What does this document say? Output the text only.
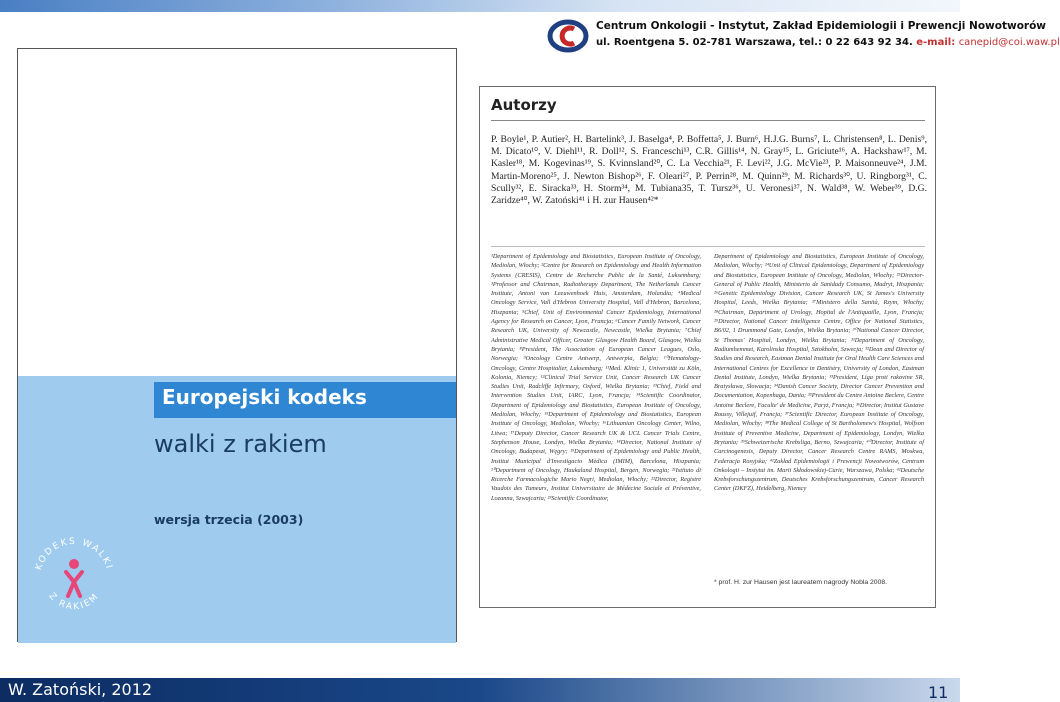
Centrum Onkologii - Instytut, Zakład Epidemiologii i Prewencji Nowotworów
ul. Roentgena 5. 02-781 Warszawa, tel.: 0 22 643 92 34. e-mail: canepid@coi.waw.pl
Europejski kodeks
walki z rakiem
wersja trzecia (2003)
KODEKS WALKI
Z RAKIEM
Autorzy
P. Boyle¹, P. Autier², H. Bartelink³, J. Baselga⁴, P. Boffetta⁵, J. Burn⁶, H.J.G. Burns⁷, L. Christensen⁸, L. Denis⁹, M. Dicato¹⁰, V. Diehl¹¹, R. Doll¹², S. Franceschi¹³, C.R. Gillis¹⁴, N. Gray¹⁵, L. Griciute¹⁶, A. Hackshaw¹⁷, M. Kasler¹⁸, M. Kogevinas¹⁹, S. Kvinnsland²⁰, C. La Vecchia²¹, F. Levi²², J.G. McVie²³, P. Maisonneuve²⁴, J.M. Martin-Moreno²⁵, J. Newton Bishop²⁶, F. Oleari²⁷, P. Perrin²⁸, M. Quinn²⁹, M. Richards³⁰, U. Ringborg³¹, C. Scully³², E. Siracka³³, H. Storm³⁴, M. Tubiana35, T. Tursz³⁶, U. Veronesi³⁷, N. Wald³⁸, W. Weber³⁹, D.G. Zaridze⁴⁰, W. Zatoński⁴¹ i H. zur Hausen⁴²*
¹Department of Epidemiology and Biostatistics, European Institute of Oncology, Mediolan, Włochy; ²Centre for Research on Epidemiology and Health Information Systems (CRESIS), Centre de Recherche Public de la Santé, Luksemburg; ³Professor and Chairman, Radiotherapy Department, The Netherlands Cancer Institute, Antoni van Leeuwenhoek Huis, Amsterdam, Holandia; ⁴Medical Oncology Service, Vall d'Hebron University Hospital, Vall d'Hebron, Barcelona, Hiszpania; ⁵Chief, Unit of Environmental Cancer Epidemiology, International Agency for Research on Cancer, Lyon, Francja; ⁶Cancer Family Network, Cancer Research UK, University of Newcastle, Newcastle, Wielka Brytania; ⁷Chief Administrative Medical Officer, Greater Glasgow Health Board, Glasgow, Wielka Brytania; ⁸President, The Association of European Cancer Leagues, Oslo, Norwegia; ⁹Oncology Centre Antwerp, Antwerpia, Belgia; ¹⁰Hematology-Oncology, Centre Hospitalier, Luksemburg; ¹¹Med. Klinic 1, Universität zu Köln, Kolonia, Niemcy; ¹²Clinical Trial Service Unit, Cancer Research UK Cancer Studies Unit, Radcliffe Infirmary, Oxford, Wielka Brytania; ¹³Chief, Field and Intervention Studies Unit, IARC, Lyon, Francja; ¹⁴Scientific Coordinator, Department of Epidemiology and Biostatistics, European Institute of Oncology, Mediolan, Włochy; ¹⁵Department of Epidemiology and Biostatistics, European Institute of Oncology, Mediolan, Włochy; ¹⁶Lithuanian Oncology Center, Wilno, Litwa; ¹⁷Deputy Director, Cancer Research UK & UCL Cancer Trials Centre, Stephenson House, Londyn, Wielka Brytania; ¹⁸Director, National Institute of Oncology, Budapeszt, Węgry; ¹⁹Department of Epidemiology and Public Health, Institut Municipal d'Investigacio Mèdica (IMIM), Barcelona, Hiszpania; ²⁰Department of Oncology, Haukaland Hospital, Bergen, Norwegia; ²¹Istituto di Ricerche Farmacologiche Mario Negri, Mediolan, Włochy; ²²Director, Registre Vaudois des Tumeurs, Institut Universitaire de Médecine Sociale et Préventive, Lozanna, Szwajcaria; ²³Scientific Coordinator,
Department of Epidemiology and Biostatistics, European Institute of Oncology, Mediolan, Włochy; ²⁴Unit of Clinical Epidemiology, Department of Epidemiology and Biostatistics, European Institute of Oncology, Mediolan, Włochy; ²⁵Director-General of Public Health, Ministerio de Sanidady Consumo, Madryt, Hiszpania; ²⁶Genetic Epidemiology Division, Cancer Research UK, St James's University Hospital, Leeds, Wielka Brytania; ²⁷Ministero della Sanità, Rzym, Włochy; ²⁸Chairman, Department of Urology, Hopital de l'Antiquaille, Lyon, Francja; ²⁹Director, National Cancer Intelligence Centre, Office for National Statistics, B6/02, 1 Drummond Gate, Londyn, Wielka Brytania; ³⁰National Cancer Director, St Thomas' Hospital, Londyn, Wielka Brytania; ³¹Department of Oncology, Radiumhemmet, Karolinska Hospital, Sztokholm, Szwecja; ³²Dean and Director of Studies and Research, Eastman Dental Institute for Oral Health Care Sciences and International Centres for Excellence in Dentistry, University of London, Eastman Dental Institute, Londyn, Wielka Brytania; ³³President, Liga proti rakovine SR, Bratysława, Słowacja; ³⁴Danish Cancer Society, Director Cancer Prevention and Documentation, Kopenhaga, Dania; ³⁵President du Centre Antoine Beclere, Centre Antoine Beclere, Faculte' de Medicine, Paryż, Francja; ³⁶Director, Institut Gustave Roussy, Villejuif, Francja; ³⁷Scientific Director, European Institute of Oncology, Mediolan, Włochy; ³⁸The Medical College of St Bartholomew's Hospital, Wolfson Institute of Preventive Medicine, Department of Epidemiology, Londyn, Wielka Brytania; ³⁹Schweizerische Krebsliga, Berno, Szwajcaria; ⁴⁰Director, Institute of Carcinogenesis, Deputy Director, Cancer Research Centre RAMS, Moskwa, Federacja Rosyjska; ⁴¹Zakład Epidemiologii i Prewencji Nowotworów, Centrum Onkologii – Instytut im. Marii Skłodowskiej-Curie, Warszawa, Polska; ⁴²Deutsche Krebsforschungszentrum, Deutsches Krebsforschungszentrum, Cancer Research Center (DKFZ), Heidelberg, Niemcy
* prof. H. zur Hausen jest laureatem nagrody Nobla 2008.
W. Zatoński, 2012	11
